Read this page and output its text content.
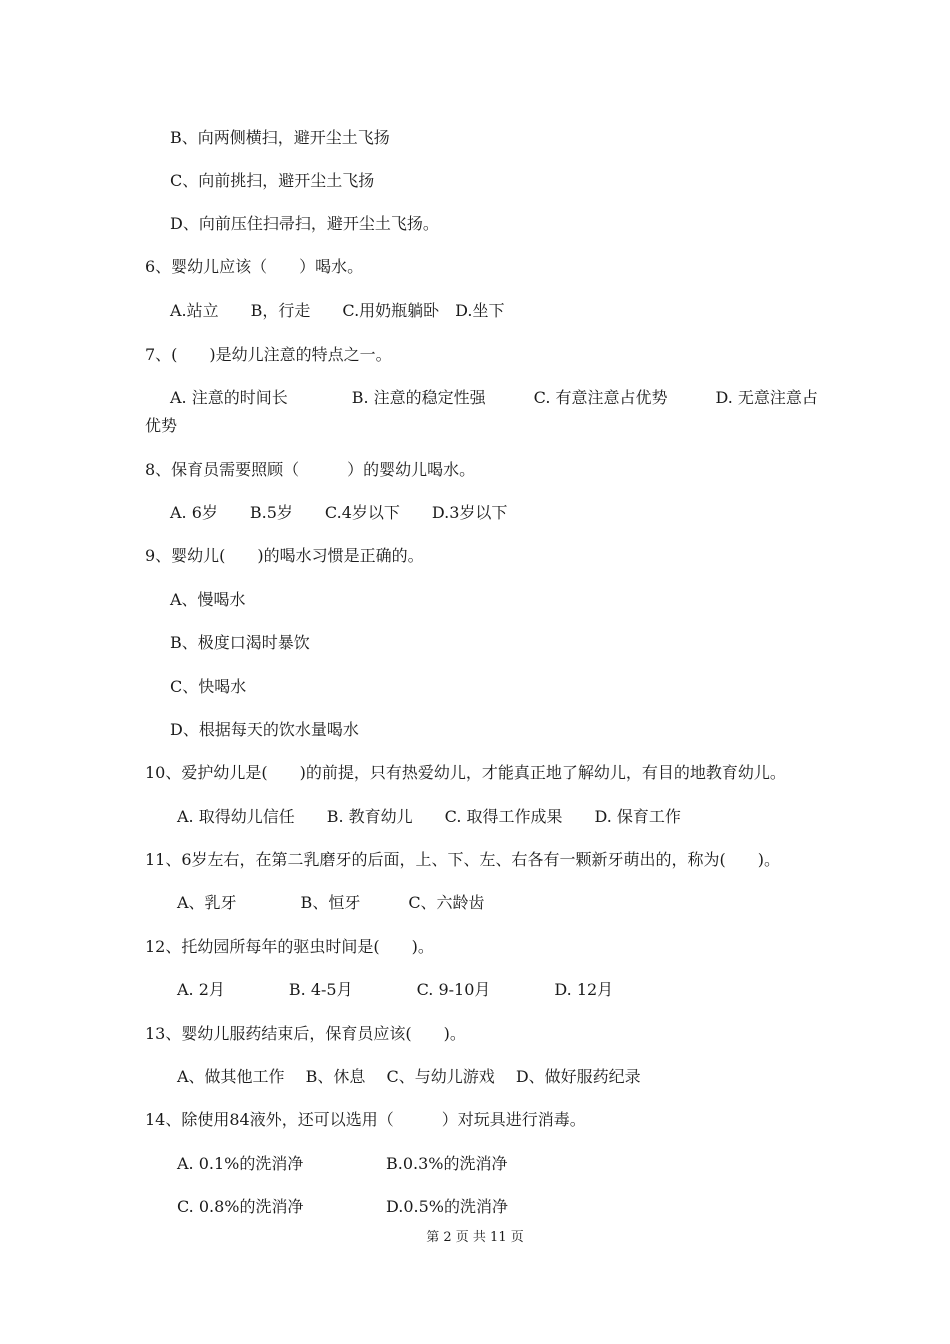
B、向两侧横扫，避开尘土飞扬
C、向前挑扫，避开尘土飞扬
D、向前压住扫帚扫，避开尘土飞扬。
6、婴幼儿应该（　　）喝水。
A.站立　　B，行走　　C.用奶瓶躺卧　D.坐下
7、(　　)是幼儿注意的特点之一。
A. 注意的时间长　　　　B. 注意的稳定性强　　　C. 有意注意占优势　　　D. 无意注意占
优势
8、保育员需要照顾（　　　）的婴幼儿喝水。
A. 6岁　　B.5岁　　C.4岁以下　　D.3岁以下
9、婴幼儿(　　)的喝水习惯是正确的。
A、慢喝水
B、极度口渴时暴饮
C、快喝水
D、根据每天的饮水量喝水
10、爱护幼儿是(　　)的前提，只有热爱幼儿，才能真正地了解幼儿，有目的地教育幼儿。
A. 取得幼儿信任　　B. 教育幼儿　　C. 取得工作成果　　D. 保育工作
11、6岁左右，在第二乳磨牙的后面，上、下、左、右各有一颗新牙萌出的，称为(　　)。
A、乳牙　　　　B、恒牙　　　C、六龄齿
12、托幼园所每年的驱虫时间是(　　)。
A. 2月　　　　B. 4-5月　　　　C. 9-10月　　　　D. 12月
13、婴幼儿服药结束后，保育员应该(　　)。
A、做其他工作　 B、休息　 C、与幼儿游戏　 D、做好服药纪录
14、除使用84液外，还可以选用（　　　）对玩具进行消毒。
A. 0.1%的洗消净	B.0.3%的洗消净
C. 0.8%的洗消净	D.0.5%的洗消净
第 2 页 共 11 页
